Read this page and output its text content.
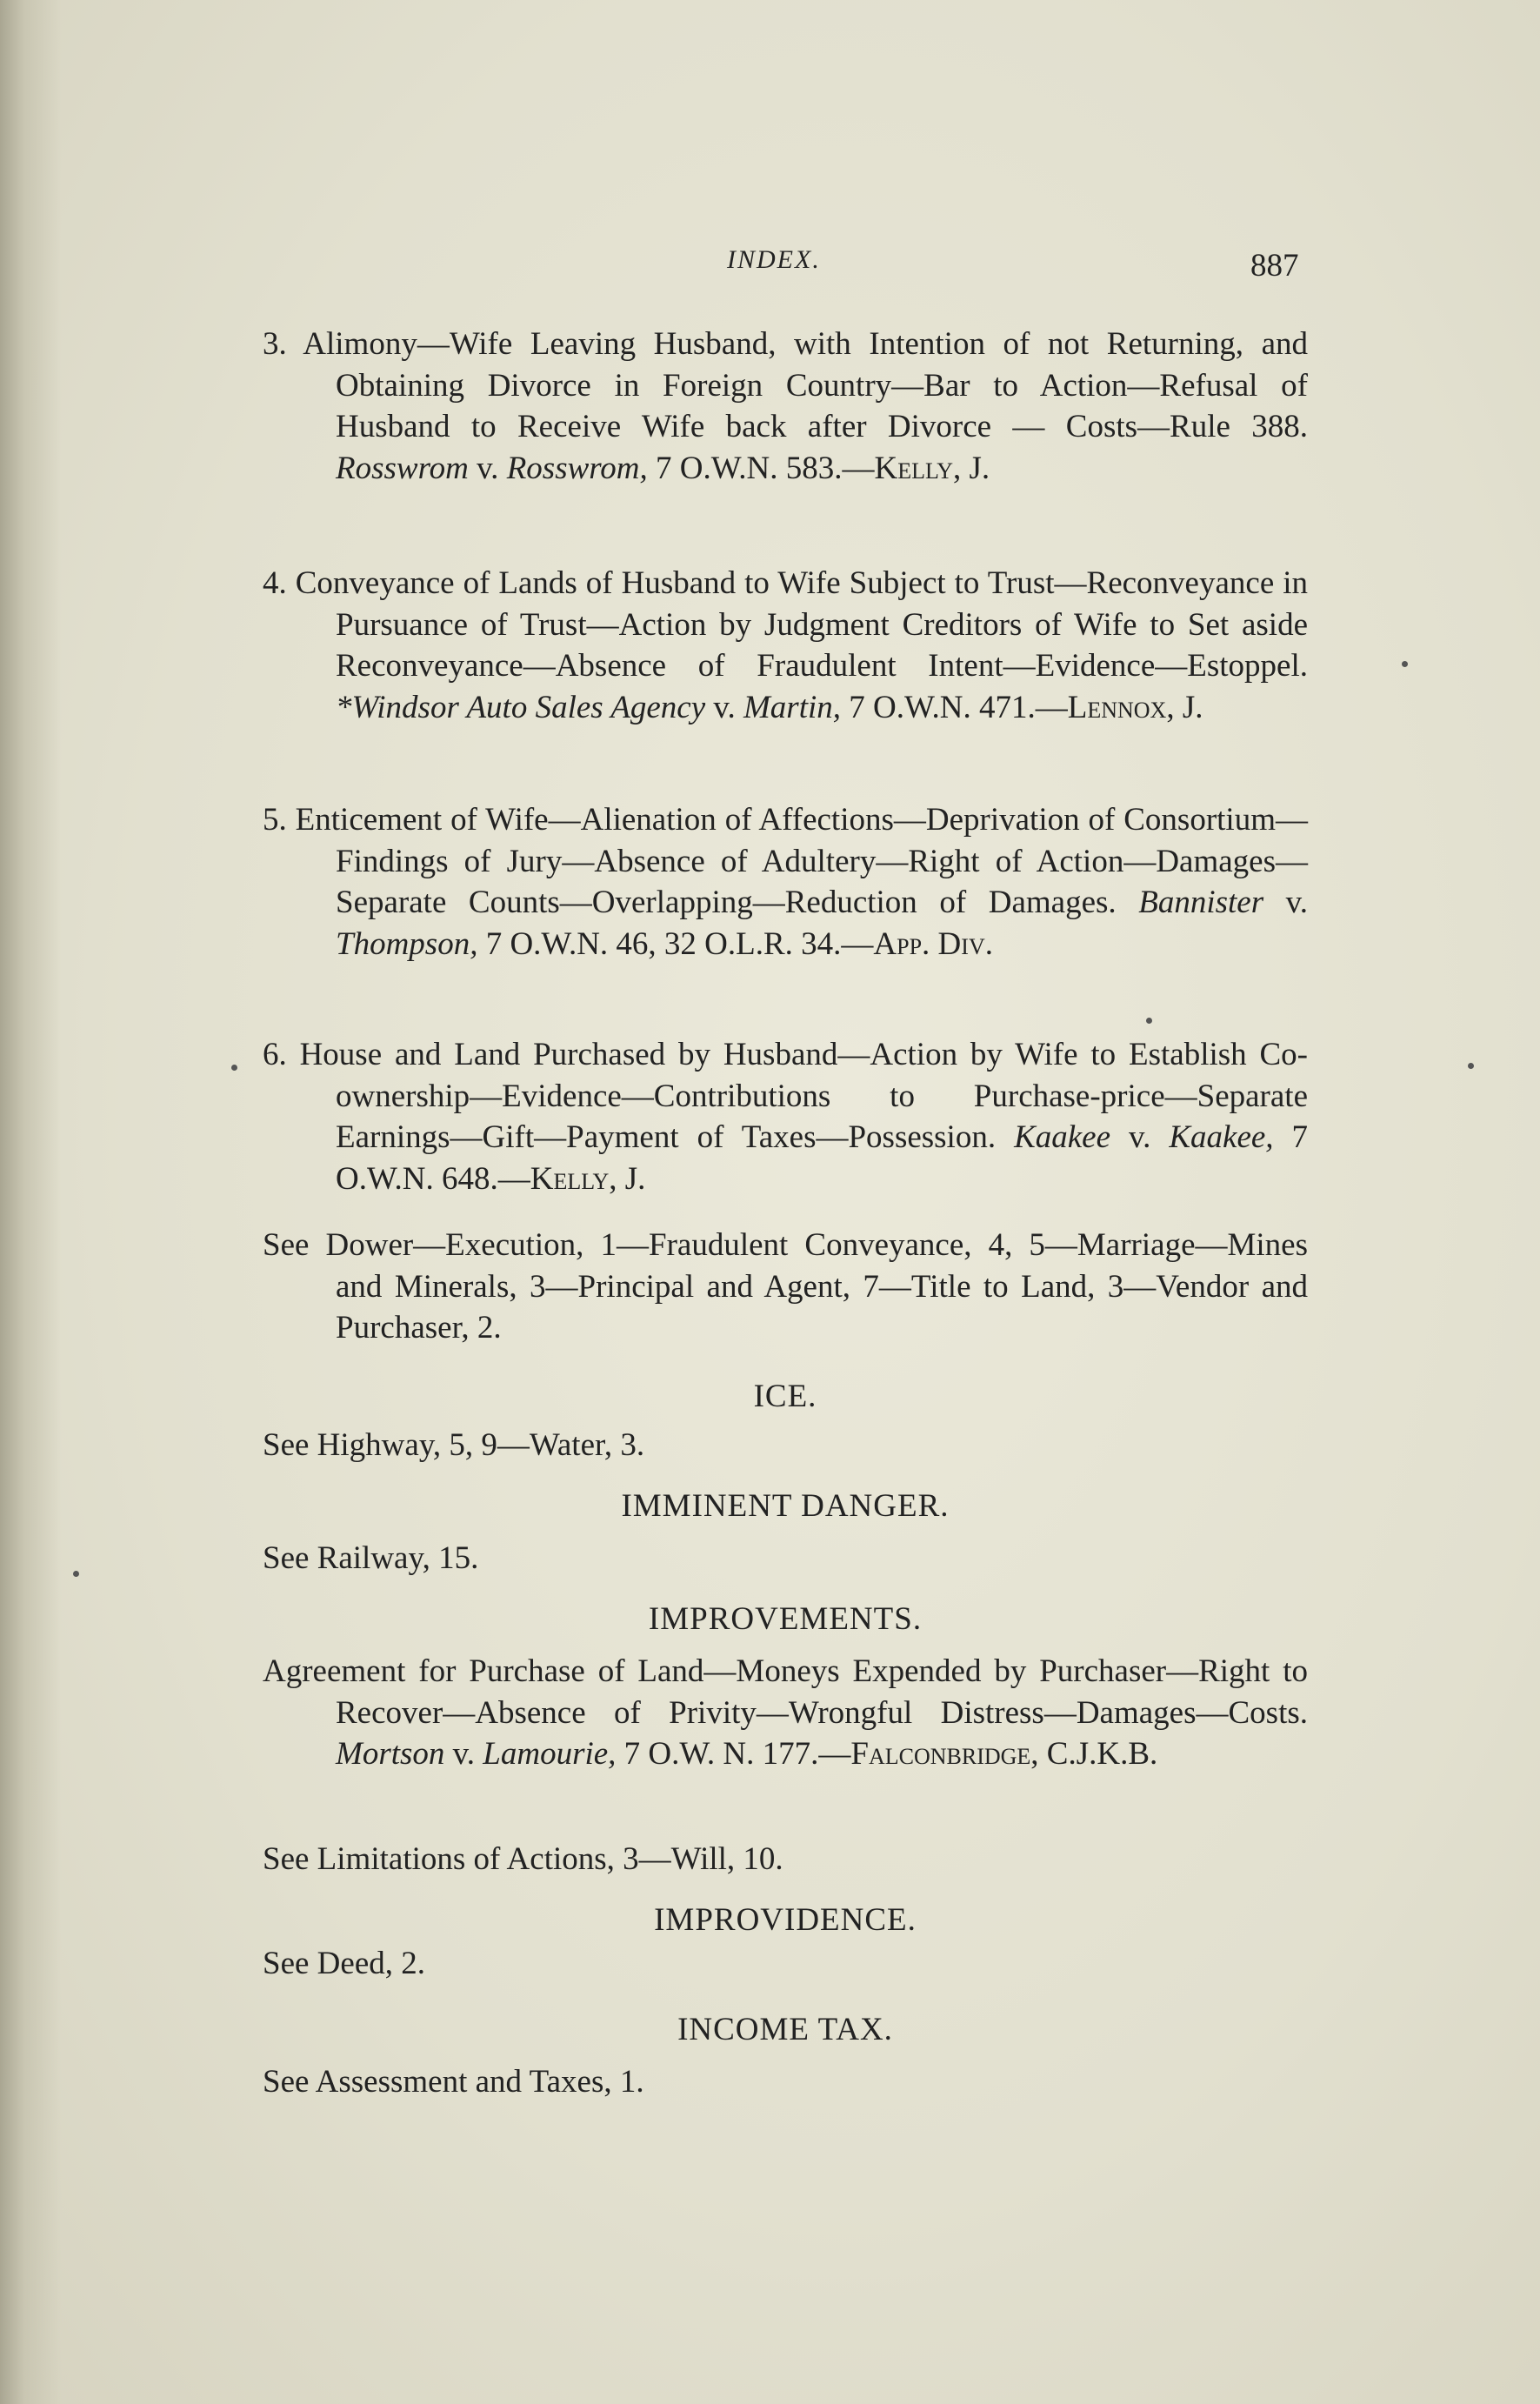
INDEX.	887
3. Alimony—Wife Leaving Husband, with Intention of not Returning, and Obtaining Divorce in Foreign Country—Bar to Action—Refusal of Husband to Receive Wife back after Divorce — Costs—Rule 388. Rosswrom v. Rosswrom, 7 O.W.N. 583.—Kelly, J.
4. Conveyance of Lands of Husband to Wife Subject to Trust—Reconveyance in Pursuance of Trust—Action by Judgment Creditors of Wife to Set aside Reconveyance—Absence of Fraudulent Intent—Evidence—Estoppel. *Windsor Auto Sales Agency v. Martin, 7 O.W.N. 471.—Lennox, J.
5. Enticement of Wife—Alienation of Affections—Deprivation of Consortium—Findings of Jury—Absence of Adultery—Right of Action—Damages—Separate Counts—Overlapping—Reduction of Damages. Bannister v. Thompson, 7 O.W.N. 46, 32 O.L.R. 34.—App. Div.
6. House and Land Purchased by Husband—Action by Wife to Establish Co-ownership—Evidence—Contributions to Purchase-price—Separate Earnings—Gift—Payment of Taxes—Possession. Kaakee v. Kaakee, 7 O.W.N. 648.—Kelly, J.
See Dower—Execution, 1—Fraudulent Conveyance, 4, 5—Marriage—Mines and Minerals, 3—Principal and Agent, 7—Title to Land, 3—Vendor and Purchaser, 2.
ICE.
See Highway, 5, 9—Water, 3.
IMMINENT DANGER.
See Railway, 15.
IMPROVEMENTS.
Agreement for Purchase of Land—Moneys Expended by Purchaser—Right to Recover—Absence of Privity—Wrongful Distress—Damages—Costs. Mortson v. Lamourie, 7 O.W. N. 177.—Falconbridge, C.J.K.B.
See Limitations of Actions, 3—Will, 10.
IMPROVIDENCE.
See Deed, 2.
INCOME TAX.
See Assessment and Taxes, 1.
